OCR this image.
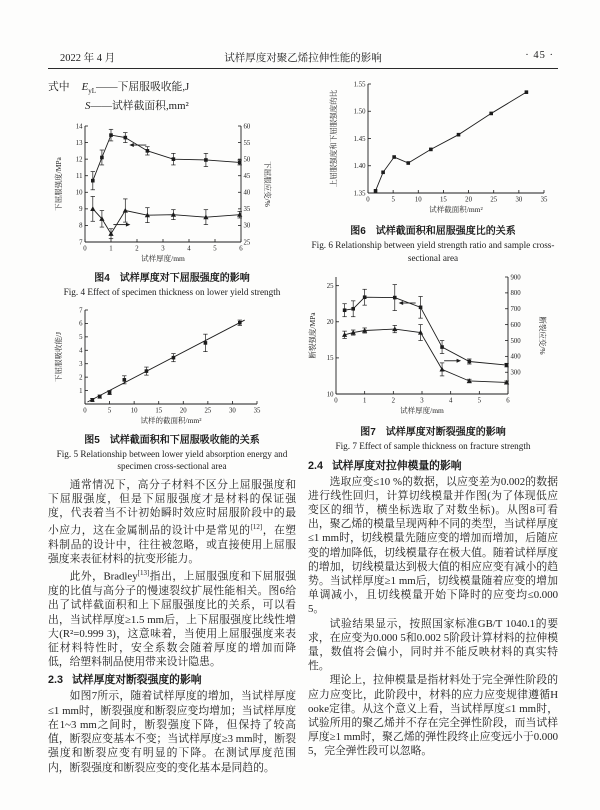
2022 年 4 月	试样厚度对聚乙烯拉伸性能的影响	· 45 ·
式中 $E_{yL}——$下屈服吸收能,J
S——试样截面积,mm²
0	1	2	3	4	5	6
试样厚度/mm
7
8
9
10
11
12
13
14
下屈服强度/MPa
25
30
35
40
45
50
55
60
下屈服应变/%
图4　试样厚度对下屈服强度的影响
Fig. 4 Effect of specimen thickness on lower yield strength
0	5	10	15	20	25	30	35
试样的截面积/mm²
1
2
3
4
5
6
7
下屈服吸收能/J
图5　试样截面积和下屈服吸收能的关系
Fig. 5 Relationship between lower yield absorption energy and specimen cross-sectional area

通常情况下，高分子材料不区分上屈服强度和下屈服强度，但是下屈服强度才是材料的保证强度，代表着当不计初始瞬时效应时屈服阶段中的最小应力，这在金属制品的设计中是常见的[12]，在塑料制品的设计中，往往被忽略，或直接使用上屈服强度来表征材料的抗变形能力。

此外，Bradley[13]指出，上屈服强度和下屈服强度的比值与高分子的慢速裂纹扩展性能相关。图6给出了试样截面积和上下屈服强度比的关系，可以看出，当试样厚度≥1.5 mm后，上下屈服强度比线性增大(R²=0.999 3)，这意味着，当使用上屈服强度来表征材料特性时，安全系数会随着厚度的增加而降低，给塑料制品使用带来设计隐患。

2.3 试样厚度对断裂强度的影响

如图7所示，随着试样厚度的增加，当试样厚度≤1 mm时，断裂强度和断裂应变均增加；当试样厚度在1~3 mm之间时，断裂强度下降，但保持了较高值，断裂应变基本不变；当试样厚度≥3 mm时，断裂强度和断裂应变有明显的下降。在测试厚度范围内，断裂强度和断裂应变的变化基本是同趋的。

0	5	10	15	20	25	30	35
试样截面积/mm²
1.35
1.40
1.45
1.50
1.55
上屈服强度和下屈服强度的比
图6　试样截面积和屈服强度比的关系
Fig. 6 Relationship between yield strength ratio and sample cross-sectional area
0	1	2	3	4	5	6
试样厚度/mm
10
15
20
25
断裂强度/MPa
300
400
500
600
700
800
900
断裂应变/%
图7　试样厚度对断裂强度的影响
Fig. 7 Effect of sample thickness on fracture strength
2.4 试样厚度对拉伸模量的影响

选取应变≤10 %的数据，以应变差为0.002的数据进行线性回归，计算切线模量并作图(为了体现低应变区的细节，横坐标选取了对数坐标)。从图8可看出，聚乙烯的模量呈现两种不同的类型，当试样厚度≤1 mm时，切线模量先随应变的增加而增加，后随应变的增加降低，切线模量存在极大值。随着试样厚度的增加，切线模量达到极大值的相应应变有减小的趋势。当试样厚度≥1 mm后，切线模量随着应变的增加单调减小，且切线模量开始下降时的应变均≤0.000 5。

试验结果显示，按照国家标准GB/T 1040.1的要求，在应变为0.000 5和0.002 5阶段计算材料的拉伸模量，数值将会偏小，同时并不能反映材料的真实特性。

理论上，拉伸模量是指材料处于完全弹性阶段的应力应变比，此阶段中，材料的应力应变规律遵循Hooke定律。从这个意义上看，当试样厚度≤1 mm时，试验所用的聚乙烯并不存在完全弹性阶段，而当试样厚度≥1 mm时，聚乙烯的弹性段终止应变远小于0.000 5，完全弹性段可以忽略。
